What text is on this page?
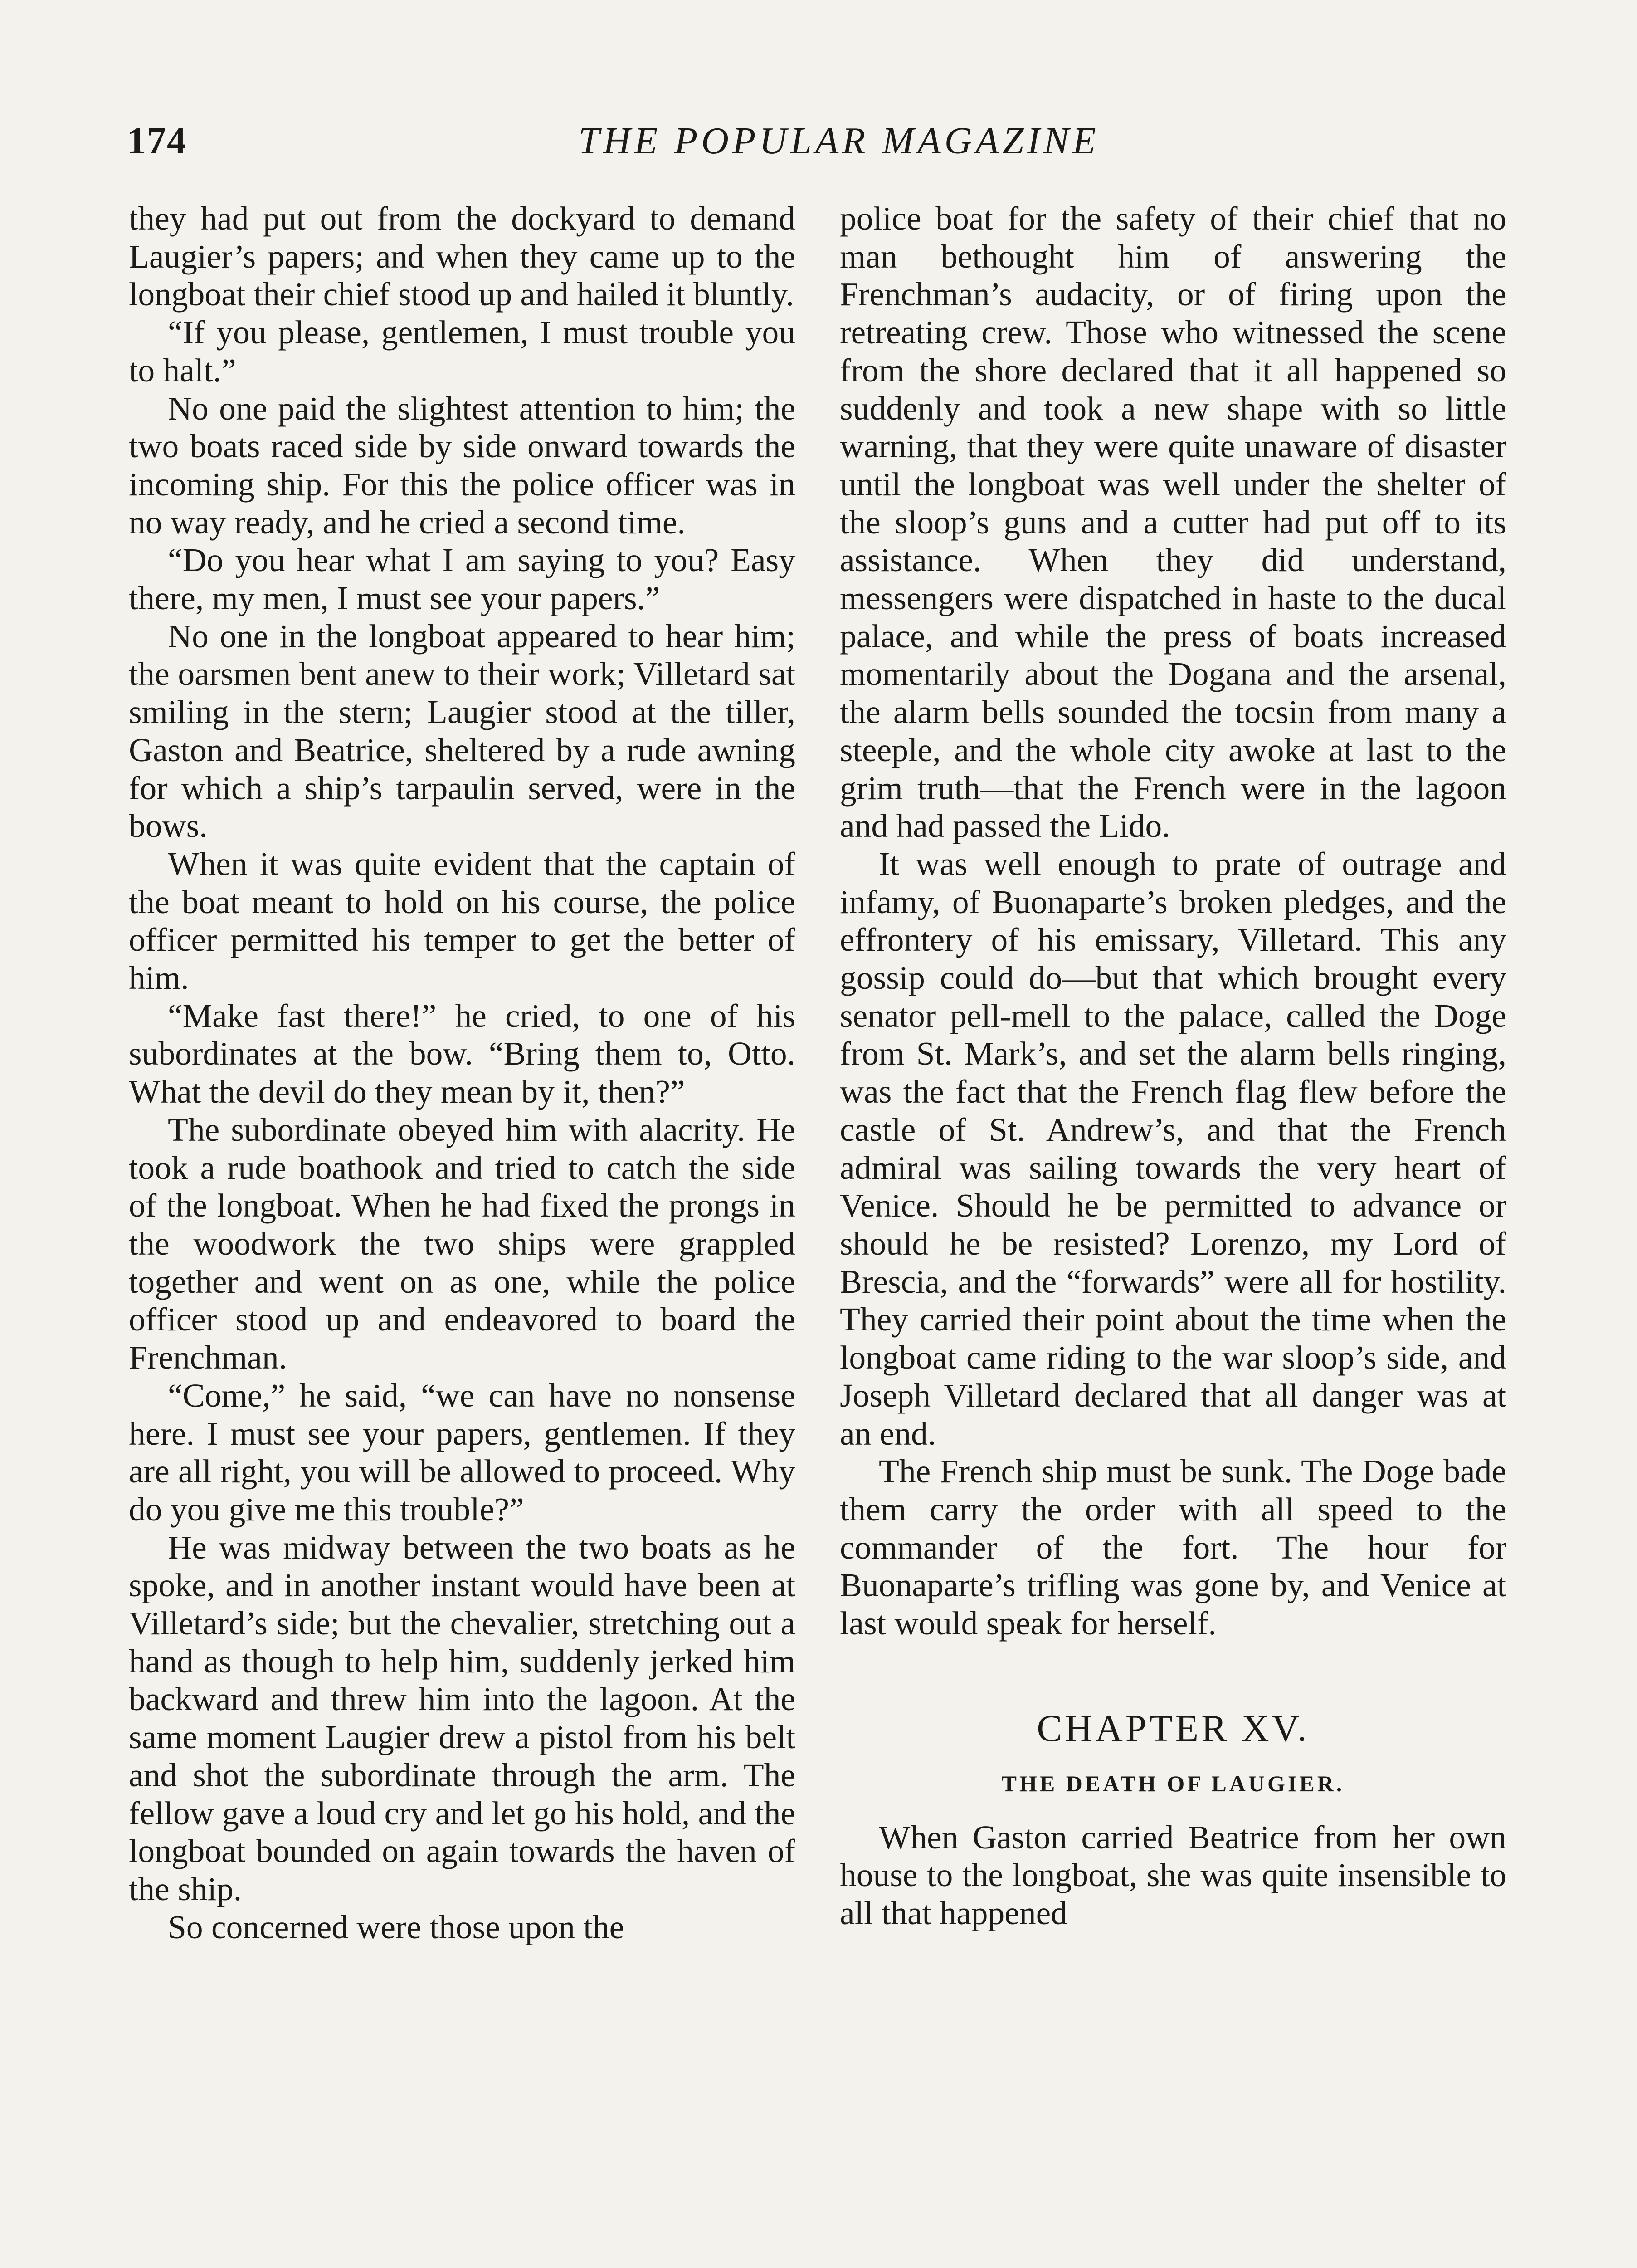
174	THE POPULAR MAGAZINE

they had put out from the dockyard to demand Laugier’s papers; and when they came up to the longboat their chief stood up and hailed it bluntly.

“If you please, gentlemen, I must trouble you to halt.”

No one paid the slightest attention to him; the two boats raced side by side onward towards the incoming ship. For this the police officer was in no way ready, and he cried a second time.

“Do you hear what I am saying to you? Easy there, my men, I must see your papers.”

No one in the longboat appeared to hear him; the oarsmen bent anew to their work; Villetard sat smiling in the stern; Laugier stood at the tiller, Gaston and Beatrice, sheltered by a rude awning for which a ship’s tarpaulin served, were in the bows.

When it was quite evident that the captain of the boat meant to hold on his course, the police officer permitted his temper to get the better of him.

“Make fast there!” he cried, to one of his subordinates at the bow. “Bring them to, Otto. What the devil do they mean by it, then?”

The subordinate obeyed him with alacrity. He took a rude boathook and tried to catch the side of the longboat. When he had fixed the prongs in the woodwork the two ships were grappled together and went on as one, while the police officer stood up and endeavored to board the Frenchman.

“Come,” he said, “we can have no nonsense here. I must see your papers, gentlemen. If they are all right, you will be allowed to proceed. Why do you give me this trouble?”

He was midway between the two boats as he spoke, and in another instant would have been at Villetard’s side; but the chevalier, stretching out a hand as though to help him, suddenly jerked him backward and threw him into the lagoon. At the same moment Laugier drew a pistol from his belt and shot the subordinate through the arm. The fellow gave a loud cry and let go his hold, and the longboat bounded on again towards the haven of the ship.

So concerned were those upon the

police boat for the safety of their chief that no man bethought him of answering the Frenchman’s audacity, or of firing upon the retreating crew. Those who witnessed the scene from the shore declared that it all happened so suddenly and took a new shape with so little warning, that they were quite unaware of disaster until the longboat was well under the shelter of the sloop’s guns and a cutter had put off to its assistance. When they did understand, messengers were dispatched in haste to the ducal palace, and while the press of boats increased momentarily about the Dogana and the arsenal, the alarm bells sounded the tocsin from many a steeple, and the whole city awoke at last to the grim truth—that the French were in the lagoon and had passed the Lido.

It was well enough to prate of outrage and infamy, of Buonaparte’s broken pledges, and the effrontery of his emissary, Villetard. This any gossip could do—but that which brought every senator pell-mell to the palace, called the Doge from St. Mark’s, and set the alarm bells ringing, was the fact that the French flag flew before the castle of St. Andrew’s, and that the French admiral was sailing towards the very heart of Venice. Should he be permitted to advance or should he be resisted? Lorenzo, my Lord of Brescia, and the “forwards” were all for hostility. They carried their point about the time when the longboat came riding to the war sloop’s side, and Joseph Villetard declared that all danger was at an end.

The French ship must be sunk. The Doge bade them carry the order with all speed to the commander of the fort. The hour for Buonaparte’s trifling was gone by, and Venice at last would speak for herself.

CHAPTER XV.
THE DEATH OF LAUGIER.

When Gaston carried Beatrice from her own house to the longboat, she was quite insensible to all that happened
